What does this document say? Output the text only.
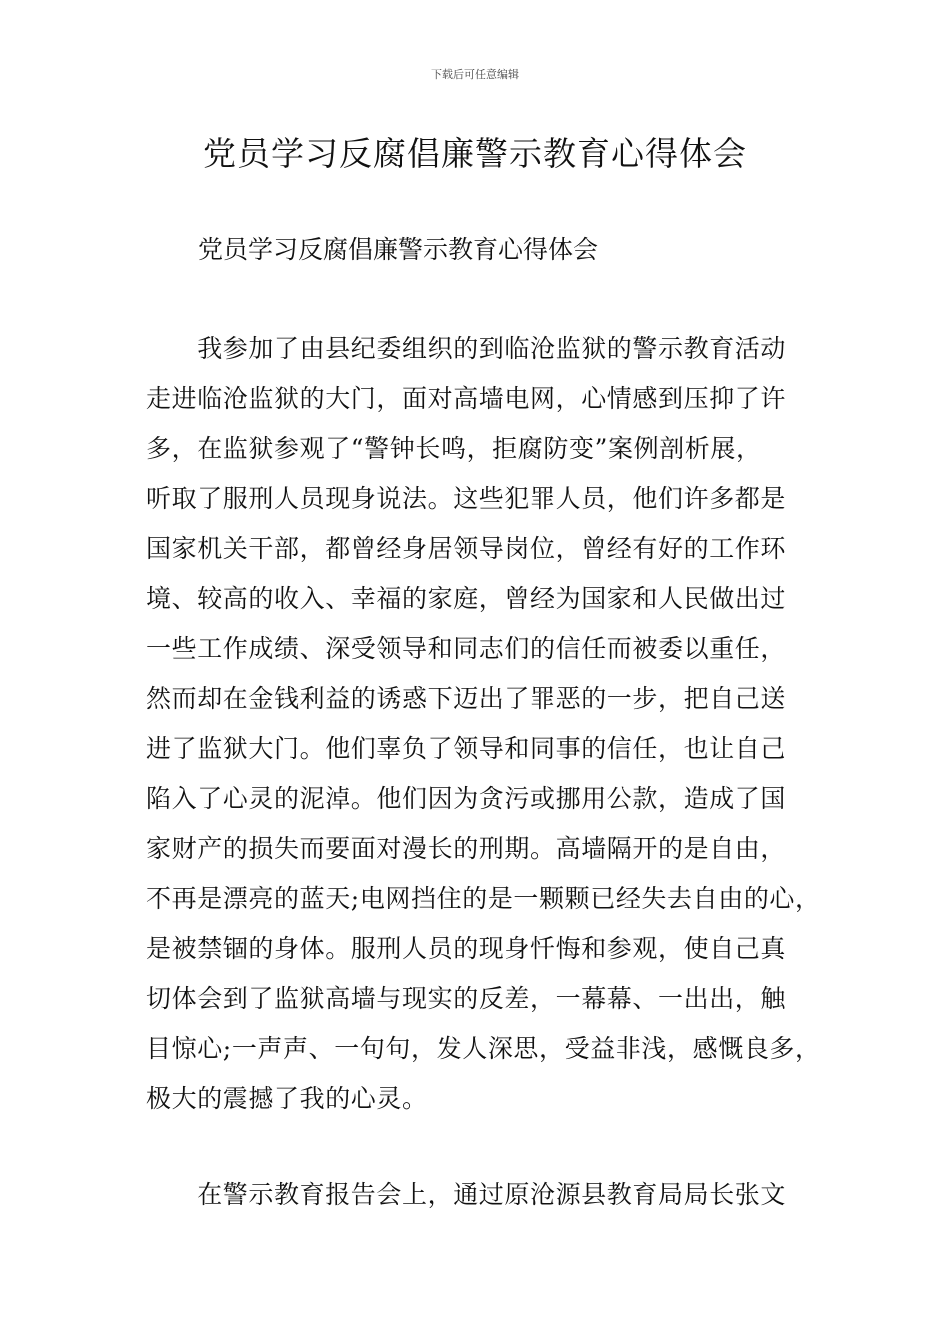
下载后可任意编辑
党员学习反腐倡廉警示教育心得体会
党员学习反腐倡廉警示教育心得体会
　　我参加了由县纪委组织的到临沧监狱的警示教育活动
走进临沧监狱的大门，面对高墙电网，心情感到压抑了许
多，在监狱参观了“警钟长鸣，拒腐防变”案例剖析展，
听取了服刑人员现身说法。这些犯罪人员，他们许多都是
国家机关干部，都曾经身居领导岗位，曾经有好的工作环
境、较高的收入、幸福的家庭，曾经为国家和人民做出过
一些工作成绩、深受领导和同志们的信任而被委以重任，
然而却在金钱利益的诱惑下迈出了罪恶的一步，把自己送
进了监狱大门。他们辜负了领导和同事的信任，也让自己
陷入了心灵的泥淖。他们因为贪污或挪用公款，造成了国
家财产的损失而要面对漫长的刑期。高墙隔开的是自由，
不再是漂亮的蓝天;电网挡住的是一颗颗已经失去自由的心，
是被禁锢的身体。服刑人员的现身忏悔和参观，使自己真
切体会到了监狱高墙与现实的反差，一幕幕、一出出，触
目惊心;一声声、一句句，发人深思，受益非浅，感慨良多，
极大的震撼了我的心灵。
　　在警示教育报告会上，通过原沧源县教育局局长张文
